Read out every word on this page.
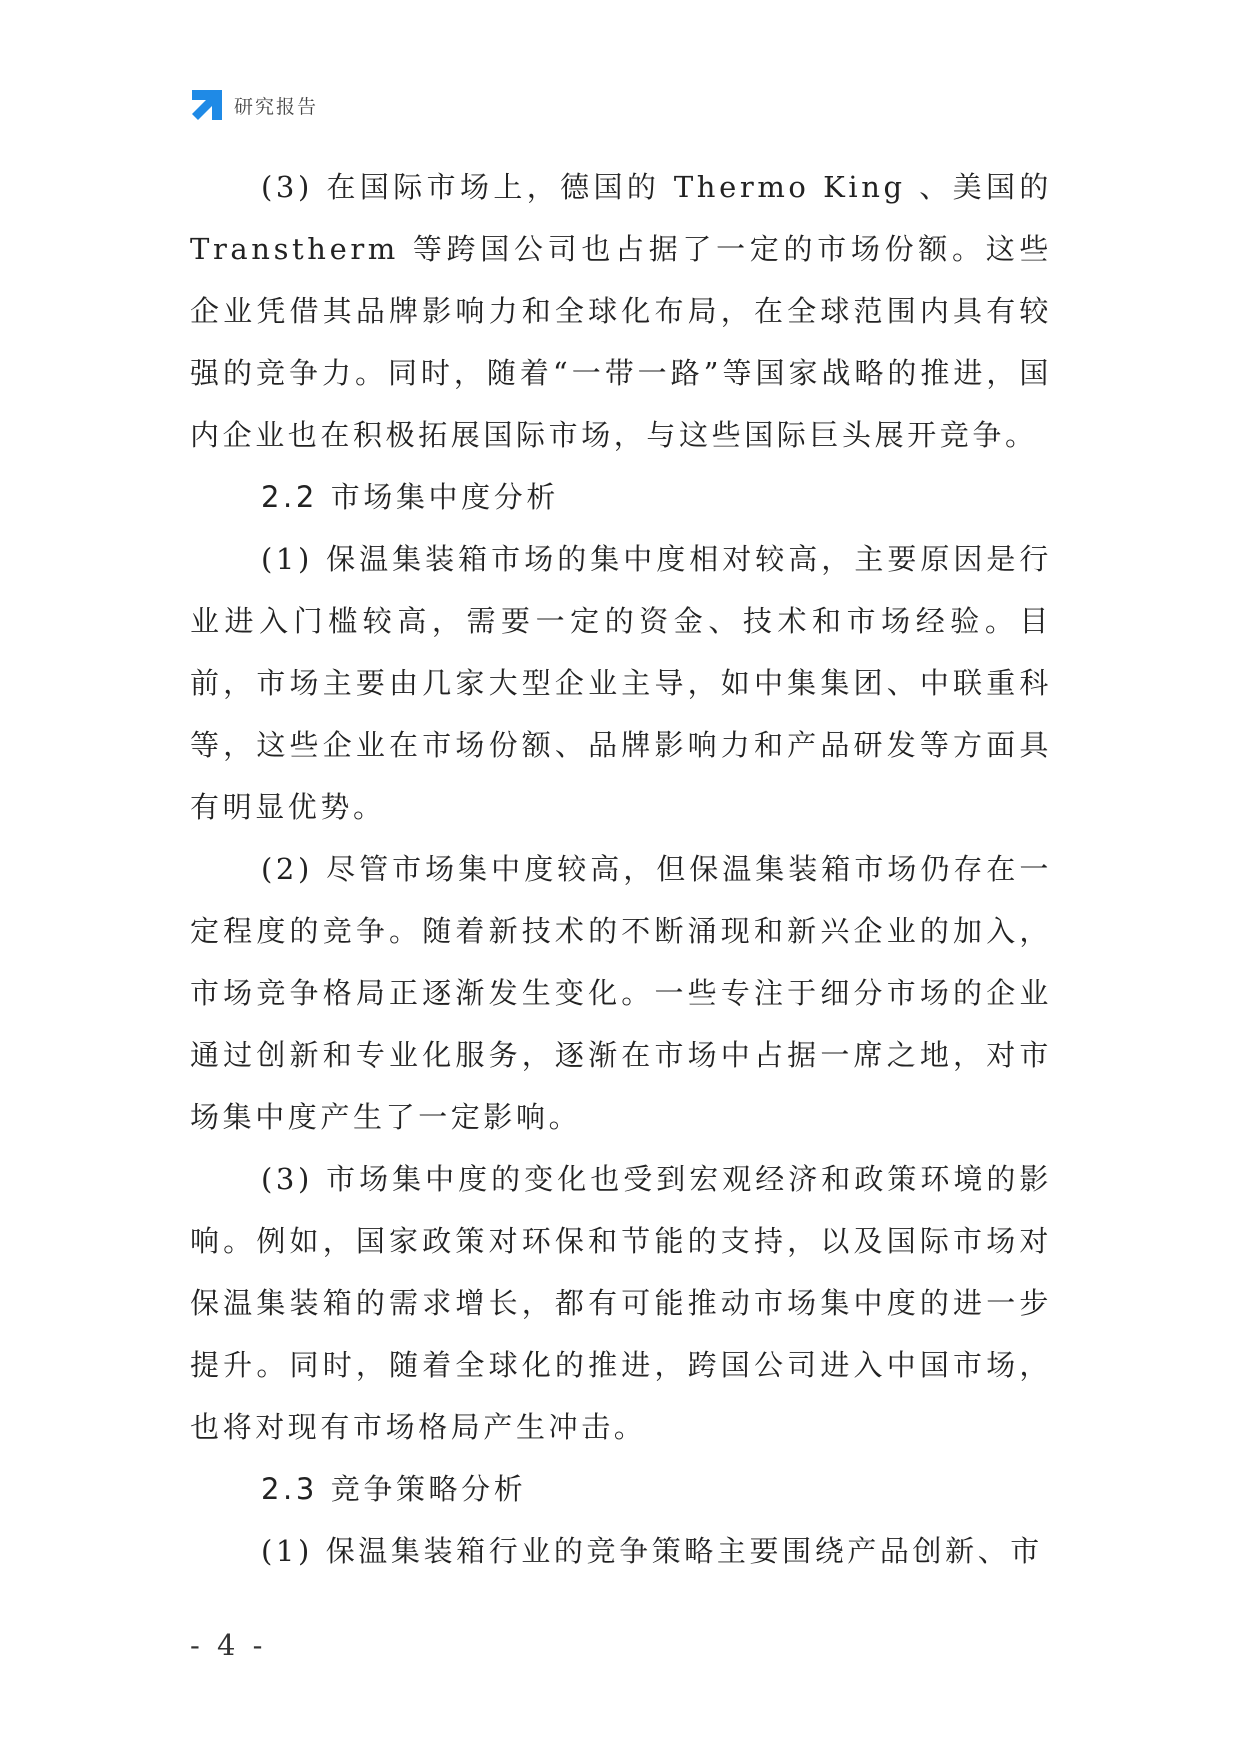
研究报告

(3) 在国际市场上，德国的 Thermo King 、美国的 Transtherm 等跨国公司也占据了一定的市场份额。这些企业凭借其品牌影响力和全球化布局，在全球范围内具有较强的竞争力。同时，随着“一带一路”等国家战略的推进，国内企业也在积极拓展国际市场，与这些国际巨头展开竞争。

2.2 市场集中度分析

(1) 保温集装箱市场的集中度相对较高，主要原因是行业进入门槛较高，需要一定的资金、技术和市场经验。目前，市场主要由几家大型企业主导，如中集集团、中联重科等，这些企业在市场份额、品牌影响力和产品研发等方面具有明显优势。

(2) 尽管市场集中度较高，但保温集装箱市场仍存在一定程度的竞争。随着新技术的不断涌现和新兴企业的加入，市场竞争格局正逐渐发生变化。一些专注于细分市场的企业通过创新和专业化服务，逐渐在市场中占据一席之地，对市场集中度产生了一定影响。

(3) 市场集中度的变化也受到宏观经济和政策环境的影响。例如，国家政策对环保和节能的支持，以及国际市场对保温集装箱的需求增长，都有可能推动市场集中度的进一步提升。同时，随着全球化的推进，跨国公司进入中国市场，也将对现有市场格局产生冲击。

2.3 竞争策略分析

(1) 保温集装箱行业的竞争策略主要围绕产品创新、市

- 4 -
